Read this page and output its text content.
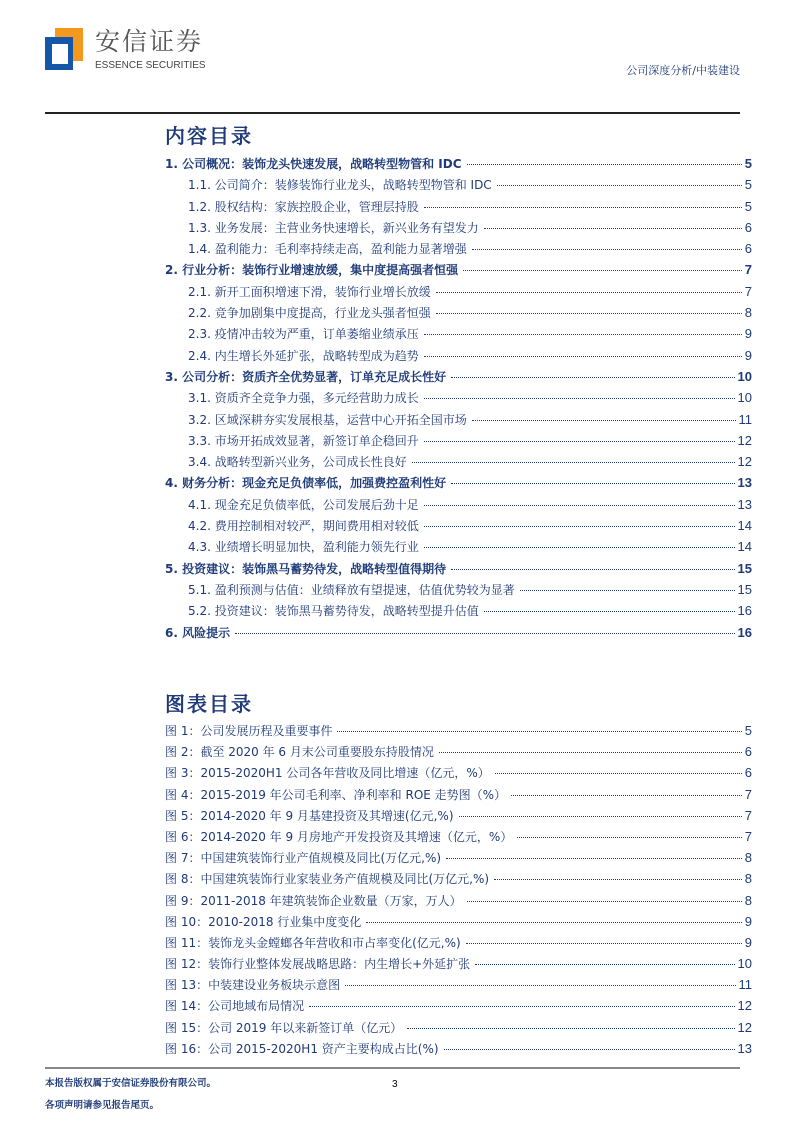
安信证券
ESSENCE SECURITIES	公司深度分析/中装建设
内容目录
1. 公司概况：装饰龙头快速发展，战略转型物管和 IDC	5
1.1. 公司简介：装修装饰行业龙头，战略转型物管和 IDC	5
1.2. 股权结构：家族控股企业，管理层持股	5
1.3. 业务发展：主营业务快速增长，新兴业务有望发力	6
1.4. 盈利能力：毛利率持续走高，盈利能力显著增强	6
2. 行业分析：装饰行业增速放缓，集中度提高强者恒强	7
2.1. 新开工面积增速下滑，装饰行业增长放缓	7
2.2. 竞争加剧集中度提高，行业龙头强者恒强	8
2.3. 疫情冲击较为严重，订单萎缩业绩承压	9
2.4. 内生增长外延扩张，战略转型成为趋势	9
3. 公司分析：资质齐全优势显著，订单充足成长性好	10
3.1. 资质齐全竞争力强，多元经营助力成长	10
3.2. 区域深耕夯实发展根基，运营中心开拓全国市场	11
3.3. 市场开拓成效显著，新签订单企稳回升	12
3.4. 战略转型新兴业务，公司成长性良好	12
4. 财务分析：现金充足负债率低，加强费控盈利性好	13
4.1. 现金充足负债率低，公司发展后劲十足	13
4.2. 费用控制相对较严，期间费用相对较低	14
4.3. 业绩增长明显加快，盈利能力领先行业	14
5. 投资建议：装饰黑马蓄势待发，战略转型值得期待	15
5.1. 盈利预测与估值：业绩释放有望提速，估值优势较为显著	15
5.2. 投资建议：装饰黑马蓄势待发，战略转型提升估值	16
6. 风险提示	16
图表目录
图 1：公司发展历程及重要事件	5
图 2：截至 2020 年 6 月末公司重要股东持股情况	6
图 3：2015-2020H1 公司各年营收及同比增速（亿元，%）	6
图 4：2015-2019 年公司毛利率、净利率和 ROE 走势图（%）	7
图 5：2014-2020 年 9 月基建投资及其增速(亿元,%)	7
图 6：2014-2020 年 9 月房地产开发投资及其增速（亿元，%）	7
图 7：中国建筑装饰行业产值规模及同比(万亿元,%)	8
图 8：中国建筑装饰行业家装业务产值规模及同比(万亿元,%)	8
图 9：2011-2018 年建筑装饰企业数量（万家，万人）	8
图 10：2010-2018 行业集中度变化	9
图 11：装饰龙头金螳螂各年营收和市占率变化(亿元,%)	9
图 12：装饰行业整体发展战略思路：内生增长+外延扩张	10
图 13：中装建设业务板块示意图	11
图 14：公司地域布局情况	12
图 15：公司 2019 年以来新签订单（亿元）	12
图 16：公司 2015-2020H1 资产主要构成占比(%)	13
本报告版权属于安信证券股份有限公司。
各项声明请参见报告尾页。
3
